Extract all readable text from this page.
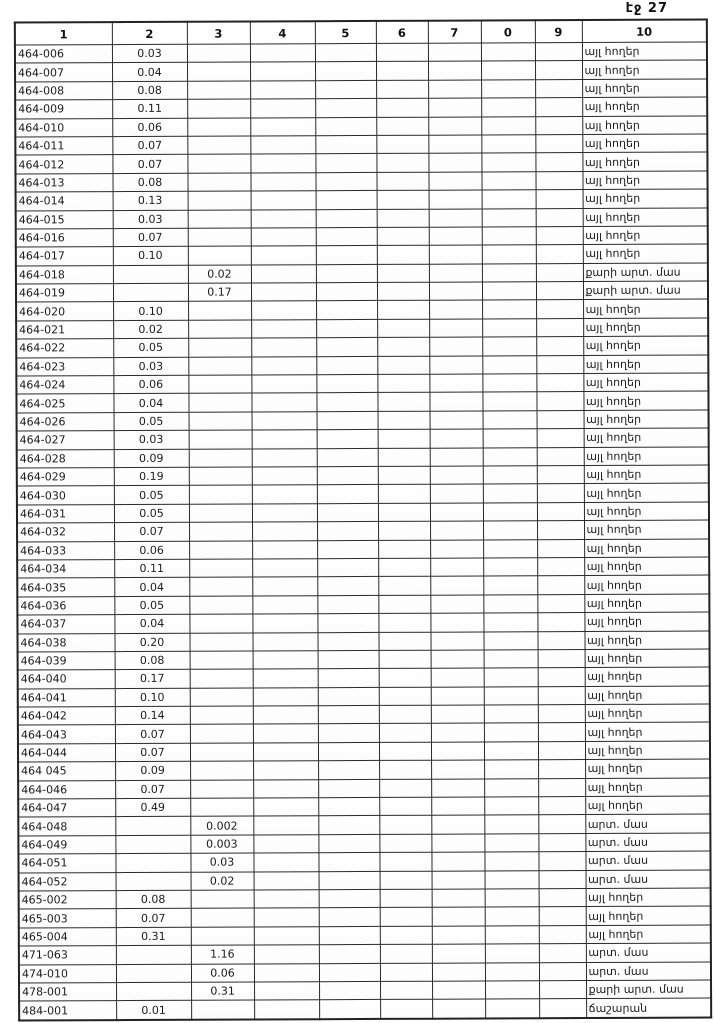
էջ 27
1	2	3	4	5	6	7	0	9	10
464-006	0.03								այլ հողեր
464-007	0.04								այլ հողեր
464-008	0.08								այլ հողեր
464-009	0.11								այլ հողեր
464-010	0.06								այլ հողեր
464-011	0.07								այլ հողեր
464-012	0.07								այլ հողեր
464-013	0.08								այլ հողեր
464-014	0.13								այլ հողեր
464-015	0.03								այլ հողեր
464-016	0.07								այլ հողեր
464-017	0.10								այլ հողեր
464-018		0.02							քարի արտ. մաս
464-019		0.17							քարի արտ. մաս
464-020	0.10								այլ հողեր
464-021	0.02								այլ հողեր
464-022	0.05								այլ հողեր
464-023	0.03								այլ հողեր
464-024	0.06								այլ հողեր
464-025	0.04								այլ հողեր
464-026	0.05								այլ հողեր
464-027	0.03								այլ հողեր
464-028	0.09								այլ հողեր
464-029	0.19								այլ հողեր
464-030	0.05								այլ հողեր
464-031	0.05								այլ հողեր
464-032	0.07								այլ հողեր
464-033	0.06								այլ հողեր
464-034	0.11								այլ հողեր
464-035	0.04								այլ հողեր
464-036	0.05								այլ հողեր
464-037	0.04								այլ հողեր
464-038	0.20								այլ հողեր
464-039	0.08								այլ հողեր
464-040	0.17								այլ հողեր
464-041	0.10								այլ հողեր
464-042	0.14								այլ հողեր
464-043	0.07								այլ հողեր
464-044	0.07								այլ հողեր
464 045	0.09								այլ հողեր
464-046	0.07								այլ հողեր
464-047	0.49								այլ հողեր
464-048		0.002							արտ. մաս
464-049		0.003							արտ. մաս
464-051		0.03							արտ. մաս
464-052		0.02							արտ. մաս
465-002	0.08								այլ հողեր
465-003	0.07								այլ հողեր
465-004	0.31								այլ հողեր
471-063		1.16							արտ. մաս
474-010		0.06							արտ. մաս
478-001		0.31							քարի արտ. մաս
484-001	0.01								ճաշարան
